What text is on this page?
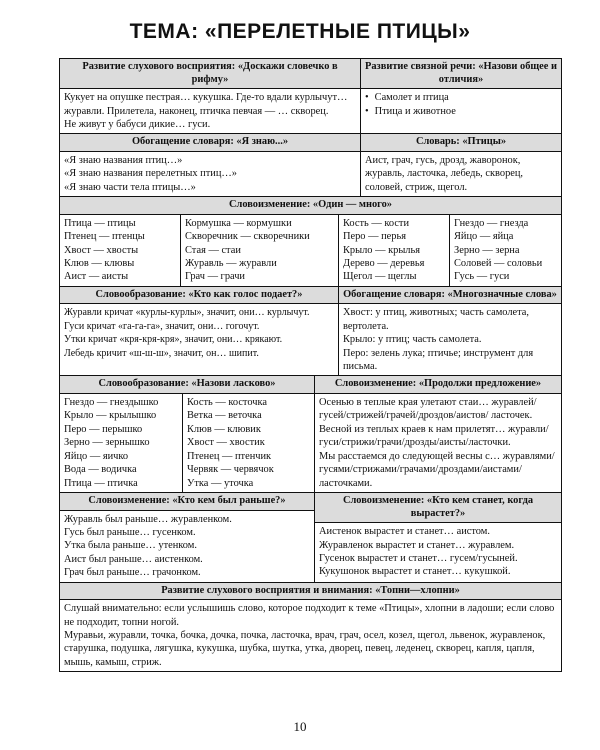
ТЕМА: «ПЕРЕЛЕТНЫЕ ПТИЦЫ»
Развитие слухового восприятия: «Доскажи словечко в рифму»
Кукует на опушке пестрая… кукушка. Где-то вдали курлычут…
журавли. Прилетела, наконец, птичка певчая — … скворец.
Не живут у бабуси дикие… гуси.
Развитие связной речи: «Назови общее и отличия»
• Самолет и птица
• Птица и животное
Обогащение словаря: «Я знаю...»
«Я знаю названия птиц…»
«Я знаю названия перелетных птиц…»
«Я знаю части тела птицы…»
Словарь: «Птицы»
Аист, грач, гусь, дрозд, жаворонок, журавль, ласточка, лебедь, скворец, соловей, стриж, щегол.
Словоизменение: «Один — много»
Птица — птицы
Птенец — птенцы
Хвост — хвосты
Клюв — клювы
Аист — аисты
Кормушка — кормушки
Скворечник — скворечники
Стая — стаи
Журавль — журавли
Грач — грачи
Кость — кости
Перо — перья
Крыло — крылья
Дерево — деревья
Щегол — щеглы
Гнездо — гнезда
Яйцо — яйца
Зерно — зерна
Соловей — соловьи
Гусь — гуси
Словообразование: «Кто как голос подает?»
Журавли кричат «курлы-курлы», значит, они… курлычут.
Гуси кричат «га-га-га», значит, они… гогочут.
Утки кричат «кря-кря-кря», значит, они… крякают.
Лебедь кричит «ш-ш-ш», значит, он… шипит.
Обогащение словаря: «Многозначные слова»
Хвост: у птиц, животных; часть самолета, вертолета.
Крыло: у птиц; часть самолета.
Перо: зелень лука; птичье; инструмент для письма.
Словообразование: «Назови ласково»
Гнездо — гнездышко
Крыло — крылышко
Перо — перышко
Зерно — зернышко
Яйцо — яичко
Вода — водичка
Птица — птичка
Кость — косточка
Ветка — веточка
Клюв — клювик
Хвост — хвостик
Птенец — птенчик
Червяк — червячок
Утка — уточка
Словоизменение: «Продолжи предложение»
Осенью в теплые края улетают стаи… журавлей/гусей/стрижей/грачей/дроздов/аистов/ ласточек.
Весной из теплых краев к нам прилетят… журавли/гуси/стрижи/грачи/дрозды/аисты/ласточки.
Мы расстаемся до следующей весны с… журавлями/гусями/стрижами/грачами/дроздами/аистами/ласточками.
Словоизменение: «Кто кем был раньше?»
Журавль был раньше… журавленком.
Гусь был раньше… гусенком.
Утка была раньше… утенком.
Аист был раньше… аистенком.
Грач был раньше… грачонком.
Словоизменение: «Кто кем станет, когда вырастет?»
Аистенок вырастет и станет… аистом.
Журавленок вырастет и станет… журавлем.
Гусенок вырастет и станет… гусем/гусыней.
Кукушонок вырастет и станет… кукушкой.
Развитие слухового восприятия и внимания: «Топни—хлопни»
Слушай внимательно: если услышишь слово, которое подходит к теме «Птицы», хлопни в ладоши; если слово не подходит, топни ногой.
Муравьи, журавли, точка, бочка, дочка, почка, ласточка, врач, грач, осел, козел, щегол, львенок, журавленок, старушка, подушка, лягушка, кукушка, шубка, шутка, утка, дворец, певец, леденец, скворец, капля, цапля, мышь, камыш, стриж.
10
